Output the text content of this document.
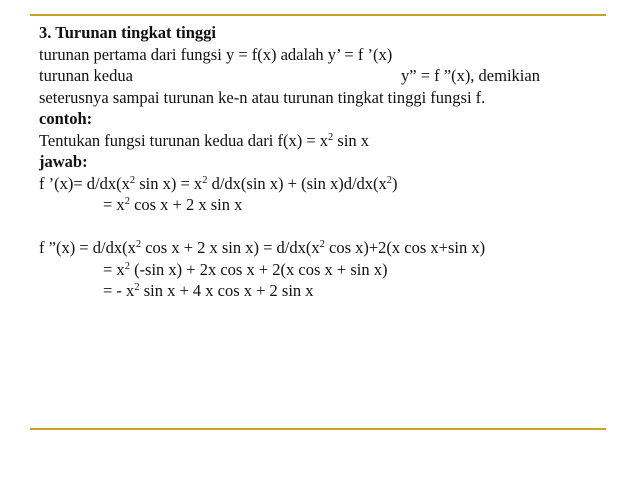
3. Turunan tingkat tinggi
turunan pertama dari fungsi y = f(x) adalah y’ = f ’(x)
turunan kedua	y” = f ”(x), demikian
seterusnya sampai turunan ke-n atau turunan tingkat tinggi fungsi f.
contoh:
Tentukan fungsi turunan kedua dari $f(x) = x^2$ sin x
jawab:
f ’(x)= $d/dx(x^2$ $\sin x) = x^2$ d/dx(sin x) + (sin $x)d/dx(x^2)$
= $x^2$ cos x + 2 x sin x
f ”(x) = $d/dx(x^2$ cos x + 2 x $\sin x) = d/dx(x^2$ cos x)+2(x cos x+sin x)
= $x^2$ (-sin x) + 2x cos x + 2(x cos x + sin x)
= - $x^2$ sin x + 4 x cos x + 2 sin x
